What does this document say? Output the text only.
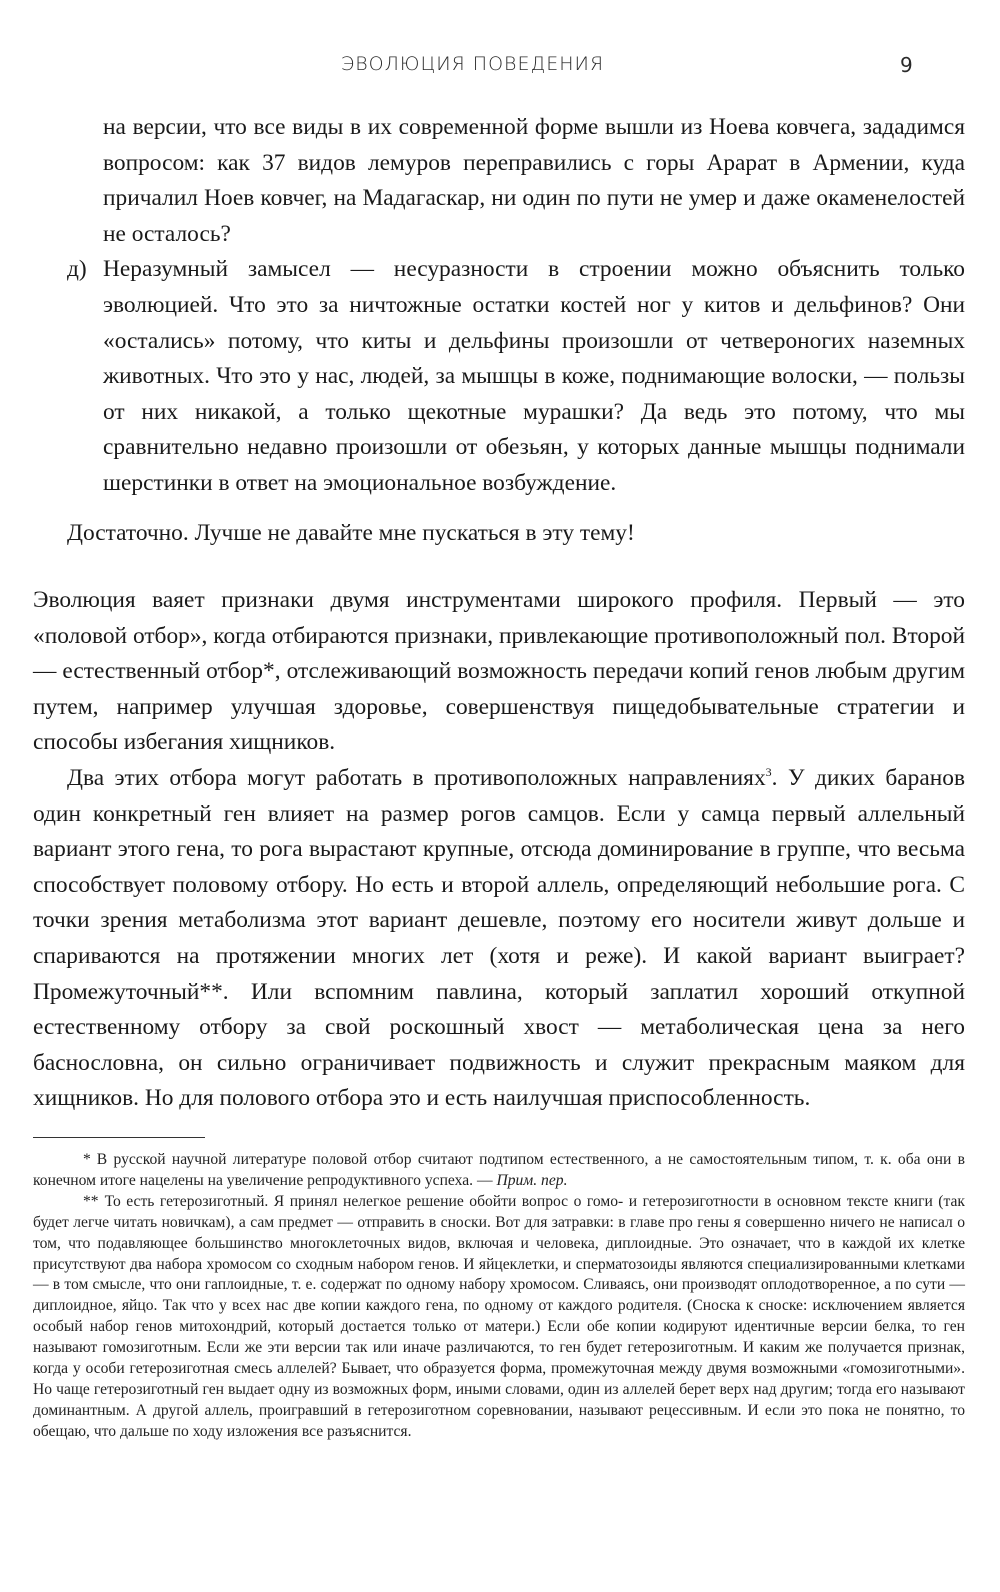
ЭВОЛЮЦИЯ ПОВЕДЕНИЯ	9

на версии, что все виды в их современной форме вышли из Ноева ковчега, зададимся вопросом: как 37 видов лемуров переправились с горы Арарат в Армении, куда причалил Ноев ковчег, на Мадагаскар, ни один по пути не умер и даже окаменелостей не осталось?

д) Неразумный замысел — несуразности в строении можно объяснить только эволюцией. Что это за ничтожные остатки костей ног у китов и дельфинов? Они «остались» потому, что киты и дельфины произошли от четвероногих наземных животных. Что это у нас, людей, за мышцы в коже, поднимающие волоски, — пользы от них никакой, а только щекотные мурашки? Да ведь это потому, что мы сравнительно недавно произошли от обезьян, у которых данные мышцы поднимали шерстинки в ответ на эмоциональное возбуждение.

Достаточно. Лучше не давайте мне пускаться в эту тему!

Эволюция ваяет признаки двумя инструментами широкого профиля. Первый — это «половой отбор», когда отбираются признаки, привлекающие противоположный пол. Второй — естественный отбор*, отслеживающий возможность передачи копий генов любым другим путем, например улучшая здоровье, совершенствуя пищедобывательные стратегии и способы избегания хищников.

Два этих отбора могут работать в противоположных направлениях$^3$. У диких баранов один конкретный ген влияет на размер рогов самцов. Если у самца первый аллельный вариант этого гена, то рога вырастают крупные, отсюда доминирование в группе, что весьма способствует половому отбору. Но есть и второй аллель, определяющий небольшие рога. С точки зрения метаболизма этот вариант дешевле, поэтому его носители живут дольше и спариваются на протяжении многих лет (хотя и реже). И какой вариант выиграет? Промежуточный**. Или вспомним павлина, который заплатил хороший откупной естественному отбору за свой роскошный хвост — метаболическая цена за него баснословна, он сильно ограничивает подвижность и служит прекрасным маяком для хищников. Но для полового отбора это и есть наилучшая приспособленность.

* В русской научной литературе половой отбор считают подтипом естественного, а не самостоятельным типом, т. к. оба они в конечном итоге нацелены на увеличение репродуктивного успеха. — Прим. пер.

** То есть гетерозиготный. Я принял нелегкое решение обойти вопрос о гомо- и гетерозиготности в основном тексте книги (так будет легче читать новичкам), а сам предмет — отправить в сноски. Вот для затравки: в главе про гены я совершенно ничего не написал о том, что подавляющее большинство многоклеточных видов, включая и человека, диплоидные. Это означает, что в каждой их клетке присутствуют два набора хромосом со сходным набором генов. И яйцеклетки, и сперматозоиды являются специализированными клетками — в том смысле, что они гаплоидные, т. е. содержат по одному набору хромосом. Сливаясь, они производят оплодотворенное, а по сути — диплоидное, яйцо. Так что у всех нас две копии каждого гена, по одному от каждого родителя. (Сноска к сноске: исключением является особый набор генов митохондрий, который достается только от матери.) Если обе копии кодируют идентичные версии белка, то ген называют гомозиготным. Если же эти версии так или иначе различаются, то ген будет гетерозиготным. И каким же получается признак, когда у особи гетерозиготная смесь аллелей? Бывает, что образуется форма, промежуточная между двумя возможными «гомозиготными». Но чаще гетерозиготный ген выдает одну из возможных форм, иными словами, один из аллелей берет верх над другим; тогда его называют доминантным. А другой аллель, проигравший в гетерозиготном соревновании, называют рецессивным. И если это пока не понятно, то обещаю, что дальше по ходу изложения все разъяснится.
